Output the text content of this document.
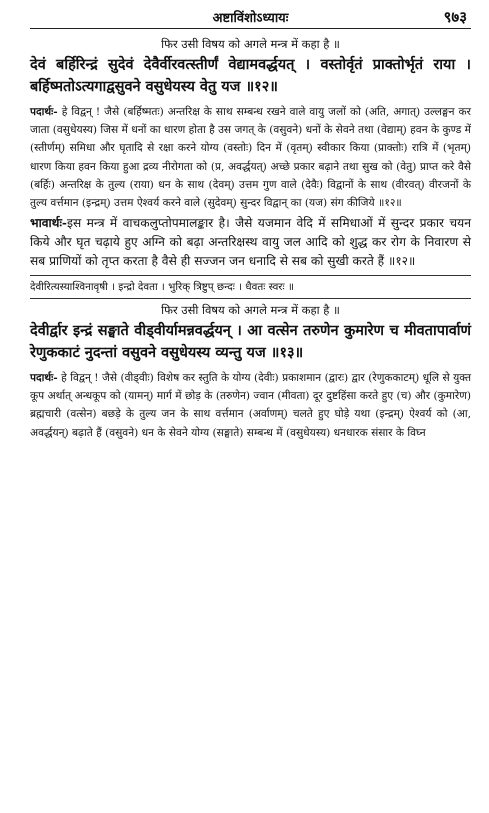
अष्टाविंशोऽध्यायः	९७३

फिर उसी विषय को अगले मन्त्र में कहा है ॥

देवं बर्हिरिन्द्रं सुदेवं देवैर्वीरवत्स्तीर्णं वेद्यामवर्द्धयत् । वस्तोर्वृतं प्राक्तोर्भृतं राया । बर्हिष्मतोऽत्यगाद्वसुवने वसुधेयस्य वेतु यज ॥१२॥

पदार्थः- हे विद्वन् ! जैसे (बर्हिष्मतः) अन्तरिक्ष के साथ सम्बन्ध रखने वाले वायु जलों को (अति, अगात्) उल्लङ्घन कर जाता (वसुधेयस्य) जिस में धनों का धारण होता है उस जगत् के (वसुवने) धनों के सेवने तथा (वेद्याम्) हवन के कुण्ड में (स्तीर्णम्) समिधा और घृतादि से रक्षा करने योग्य (वस्तोः) दिन में (वृतम्) स्वीकार किया (प्राक्तोः) रात्रि में (भृतम्) धारण किया हवन किया हुआ द्रव्य नीरोगता को (प्र, अवर्द्धयत्) अच्छे प्रकार बढ़ाने तथा सुख को (वेतु) प्राप्त करे वैसे (बर्हिः) अन्तरिक्ष के तुल्य (राया) धन के साथ (देवम्) उत्तम गुण वाले (देवैः) विद्वानों के साथ (वीरवत्) वीरजनों के तुल्य वर्त्तमान (इन्द्रम्) उत्तम ऐश्वर्य करने वाले (सुदेवम्) सुन्दर विद्वान् का (यज) संग कीजिये ॥१२॥

भावार्थः-इस मन्त्र में वाचकलुप्तोपमालङ्कार है। जैसे यजमान वेदि में समिधाओं में सुन्दर प्रकार चयन किये और घृत चढ़ाये हुए अग्नि को बढ़ा अन्तरिक्षस्थ वायु जल आदि को शुद्ध कर रोग के निवारण से सब प्राणियों को तृप्त करता है वैसे ही सज्जन जन धनादि से सब को सुखी करते हैं ॥१२॥

देवीरित्यस्याश्विनावृषी । इन्द्रो देवता । भुरिक् त्रिष्टुप् छन्दः । धैवतः स्वरः ॥

फिर उसी विषय को अगले मन्त्र में कहा है ॥

देवीर्द्वार इन्द्रं सङ्घाते वीड्वीर्यामन्नवर्द्धयन् । आ वत्सेन तरुणेन कुमारेण च मीवतापार्वाणं रेणुककाटं नुदन्तां वसुवने वसुधेयस्य व्यन्तु यज ॥१३॥

पदार्थः- हे विद्वन् ! जैसे (वीड्वीः) विशेष कर स्तुति के योग्य (देवीः) प्रकाशमान (द्वारः) द्वार (रेणुककाटम्) धूलि से युक्त कूप अर्थात् अन्धकूप को (यामन्) मार्ग में छोड़ के (तरुणेन) ज्वान (मीवता) दूर दुष्टहिंसा करते हुए (च) और (कुमारेण) ब्रह्मचारी (वत्सेन) बछड़े के तुल्य जन के साथ वर्त्तमान (अर्वाणम्) चलते हुए घोड़े यथा (इन्द्रम्) ऐश्वर्य को (आ, अवर्द्धयन्) बढ़ाते हैं (वसुवने) धन के सेवने योग्य (सङ्घाते) सम्बन्ध में (वसुधेयस्य) धनधारक संसार के विघ्न
